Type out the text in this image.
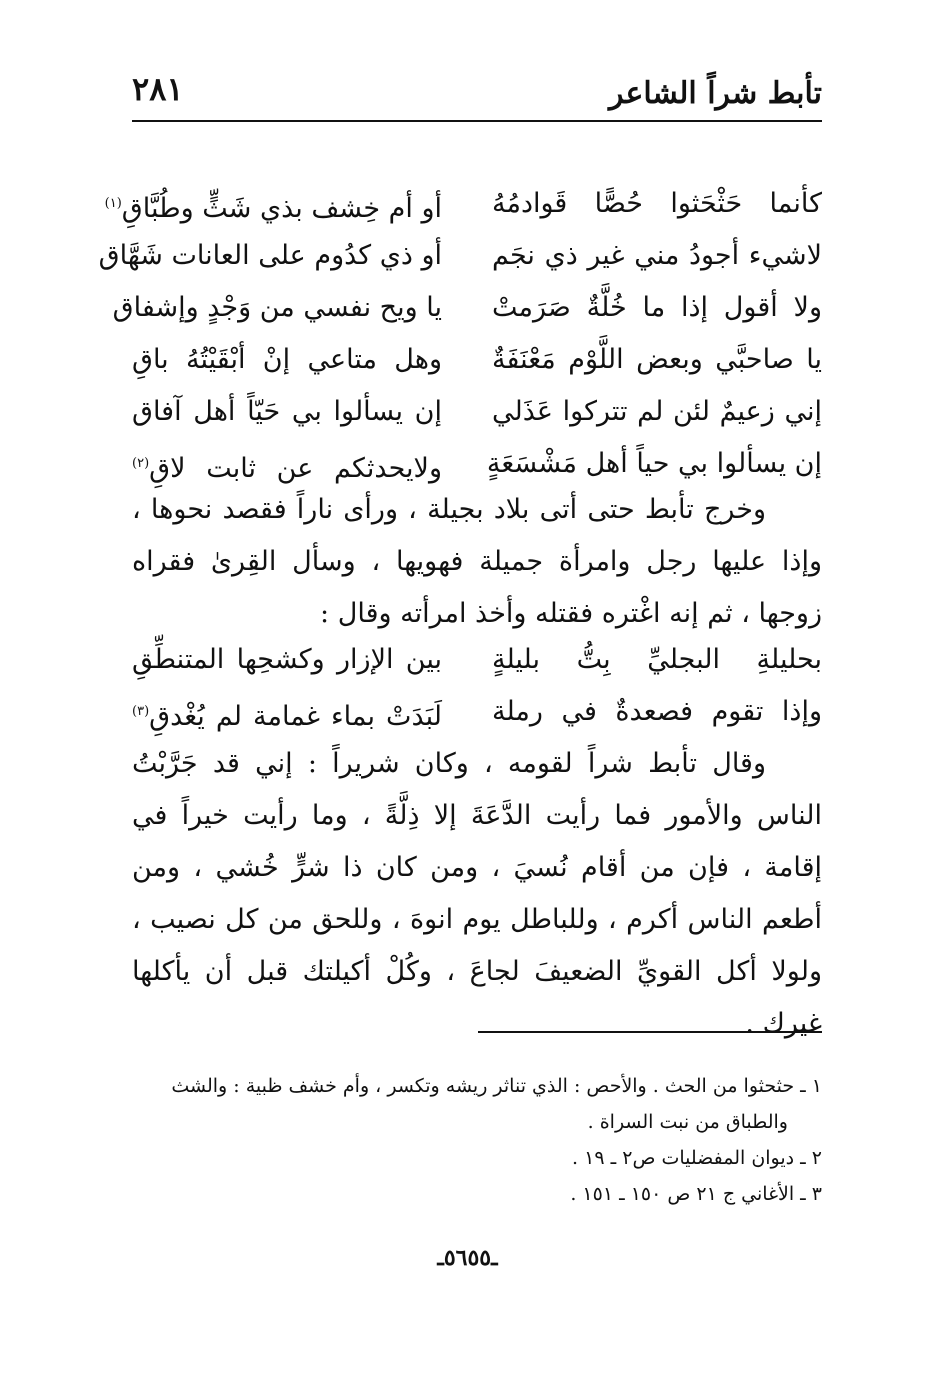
تأبط شراً الشاعر
٢٨١
كأنما حَثْحَثوا حُصًّا قَوادمُهُ
أو أم خِشف بذي شَثٍّ وطُبَّاقِ$^{(١)}$
لاشيء أجودُ مني غير ذي نجَم
أو ذي كدُوم على العانات شَهَّاق
ولا أقول إذا ما خُلَّةٌ صَرَمتْ
يا ويح نفسي من وَجْدٍ وإشفاق
يا صاحبَّي وبعض اللَّوْم مَعْنَفَةٌ
وهل متاعي إنْ أبْقَيْتُهُ باقِ
إني زعيمٌ لئن لم تتركوا عَذَلي
إن يسألوا بي حَيّاً أهل آفاق
إن يسألوا بي حياً أهل مَشْسَعَةٍ
ولايحدثكم عن ثابت لاقِ$^{(٢)}$

وخرج تأبط حتى أتى بلاد بجيلة ، ورأى ناراً فقصد نحوها ، وإذا عليها رجل وامرأة جميلة فهويها ، وسأل القِرىٰ فقراه زوجها ، ثم إنه اغْتره فقتله وأخذ امرأته وقال :

بحليلةِ البجليِّ بِتُّ بليلةٍ
بين الإزار وكشحِها المتنطِّقِ
وإذا تقوم فصعدةٌ في رملة
لَبَدَتْ بماء غمامة لم يُغْدقِ$^{(٣)}$

وقال تأبط شراً لقومه ، وكان شريراً : إني قد جَرَّبْتُ الناس والأمور فما رأيت الدَّعَةَ إلا ذِلَّةً ، وما رأيت خيراً في إقامة ، فإن من أقام نُسيَ ، ومن كان ذا شرٍّ خُشي ، ومن أطعم الناس أكرم ، وللباطل يوم انوهَ ، وللحق من كل نصيب ، ولولا أكل القويِّ الضعيفَ لجاعَ ، وكُلْ أكيلتك قبل أن يأكلها غيرك .

١ ـ حثحثوا من الحث . والأحص : الذي تناثر ريشه وتكسر ، وأم خشف ظبية : والشث

والطباق من نبت السراة .

٢ ـ ديوان المفضليات ص٢ ـ ١٩ .

٣ ـ الأغاني ج ٢١ ص ١٥٠ ـ ١٥١ .

ـ٥٦٥٥ـ
